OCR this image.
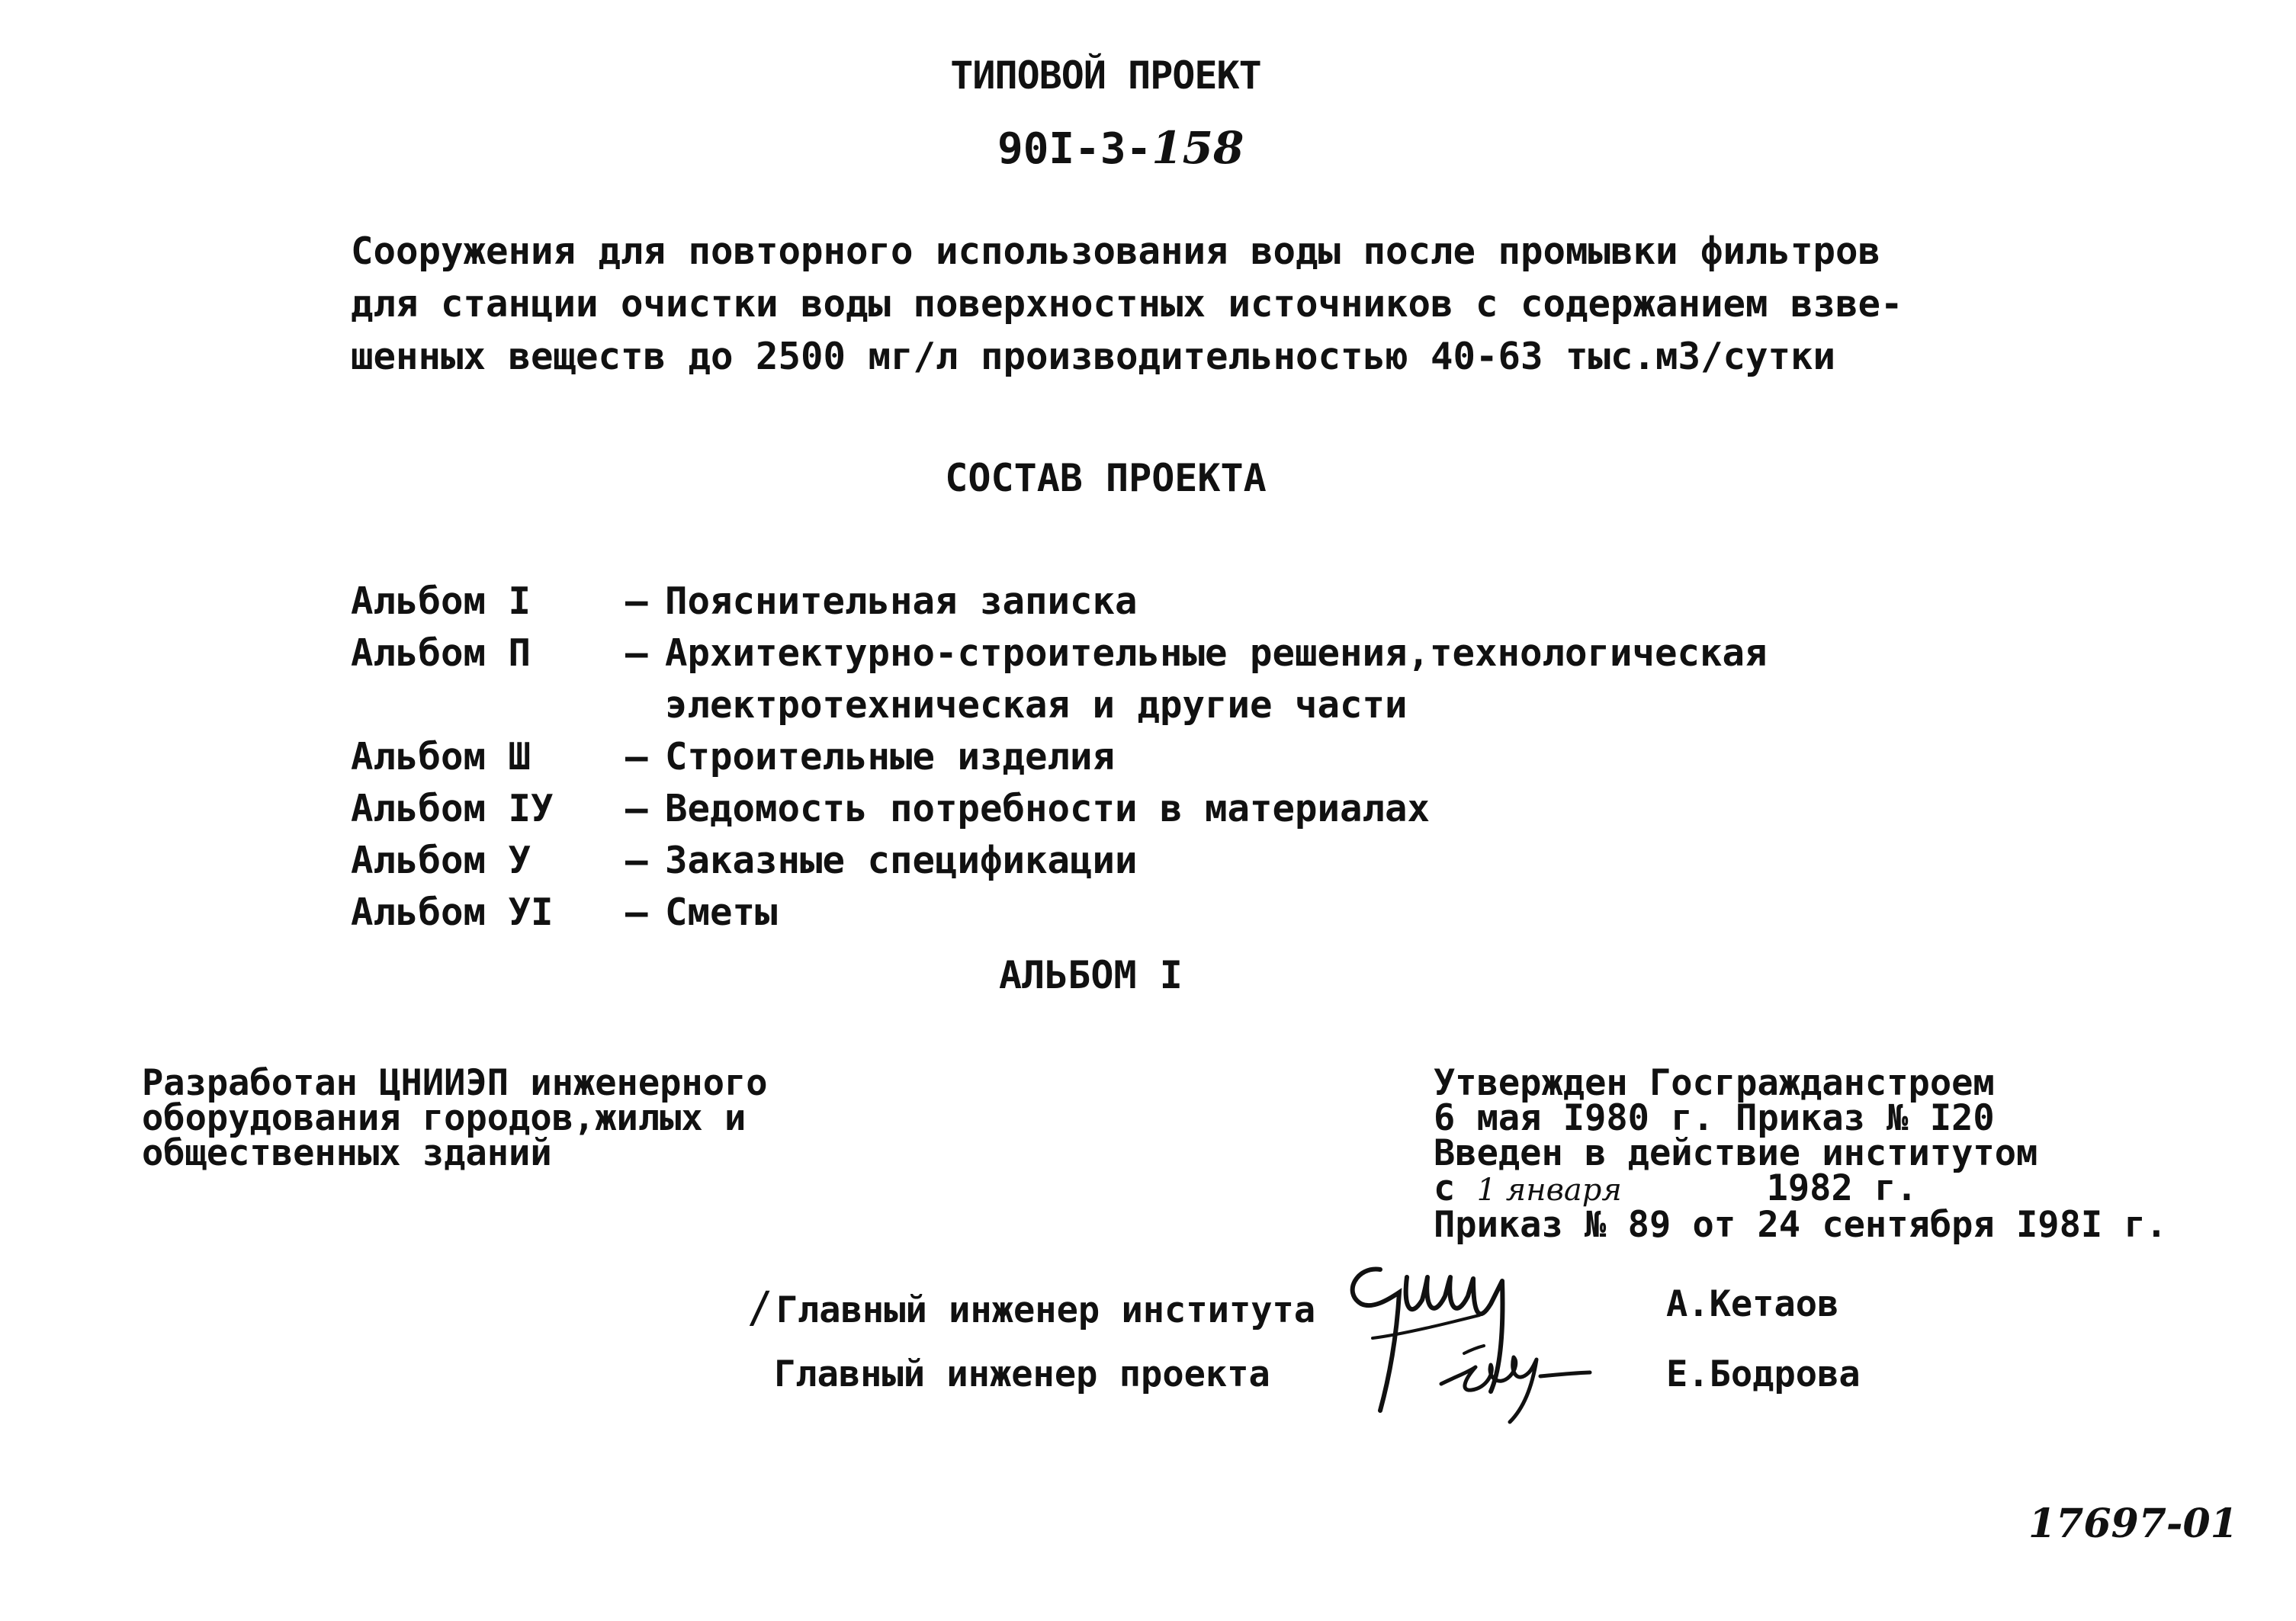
ТИПОВОЙ ПРОЕКТ
90I-3-158
Сооружения для повторного использования воды после промывки фильтров
для станции очистки воды поверхностных источников с содержанием взве-
шенных веществ до 2500 мг/л производительностью 40-63 тыс.м3/сутки
СОСТАВ ПРОЕКТА
Альбом I	– Пояснительная записка
Альбом П	– Архитектурно-строительные решения,технологическая
электротехническая и другие части
Альбом Ш	– Строительные изделия
Альбом IУ – Ведомость потребности в материалах
Альбом У	– Заказные спецификации
Альбом УI – Сметы
АЛЬБОМ I
Разработан ЦНИИЭП инженерного
оборудования городов,жилых и
общественных зданий
Утвержден Госгражданстроем
6 мая I980 г. Приказ № I20
Введен в действие институтом
с 1 января	1982 г.
Приказ № 89 от 24 сентября I98I г.
/Главный инженер института	А.Кетаов
Главный инженер проекта	Е.Бодрова
17697-01
